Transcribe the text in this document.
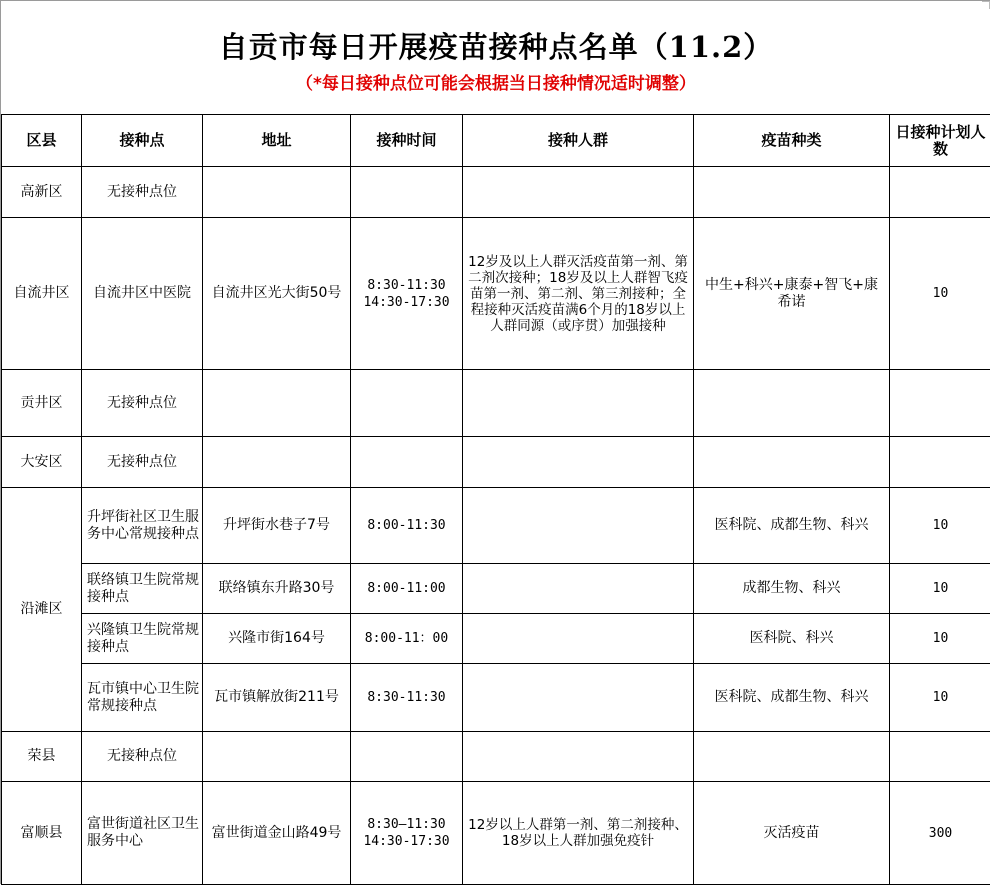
自贡市每日开展疫苗接种点名单（11.2）
（*每日接种点位可能会根据当日接种情况适时调整）
区县	接种点	地址	接种时间	接种人群	疫苗种类	日接种计划人数
高新区	无接种点位					
自流井区	自流井区中医院	自流井区光大街50号	8:30-11:30
14:30-17:30	12岁及以上人群灭活疫苗第一剂、第二剂次接种；18岁及以上人群智飞疫苗第一剂、第二剂、第三剂接种；全程接种灭活疫苗满6个月的18岁以上人群同源（或序贯）加强接种	中生+科兴+康泰+智飞+康希诺	10
贡井区	无接种点位					
大安区	无接种点位					
沿滩区	升坪街社区卫生服务中心常规接种点	升坪街水巷子7号	8:00-11:30		医科院、成都生物、科兴	10
	联络镇卫生院常规接种点	联络镇东升路30号	8:00-11:00		成都生物、科兴	10
	兴隆镇卫生院常规接种点	兴隆市街164号	8:00-11：00		医科院、科兴	10
	瓦市镇中心卫生院常规接种点	瓦市镇解放街211号	8:30-11:30		医科院、成都生物、科兴	10
荣县	无接种点位					
富顺县	富世街道社区卫生服务中心	富世街道金山路49号	8:30—11:30
14:30-17:30	12岁以上人群第一剂、第二剂接种、18岁以上人群加强免疫针	灭活疫苗	300
